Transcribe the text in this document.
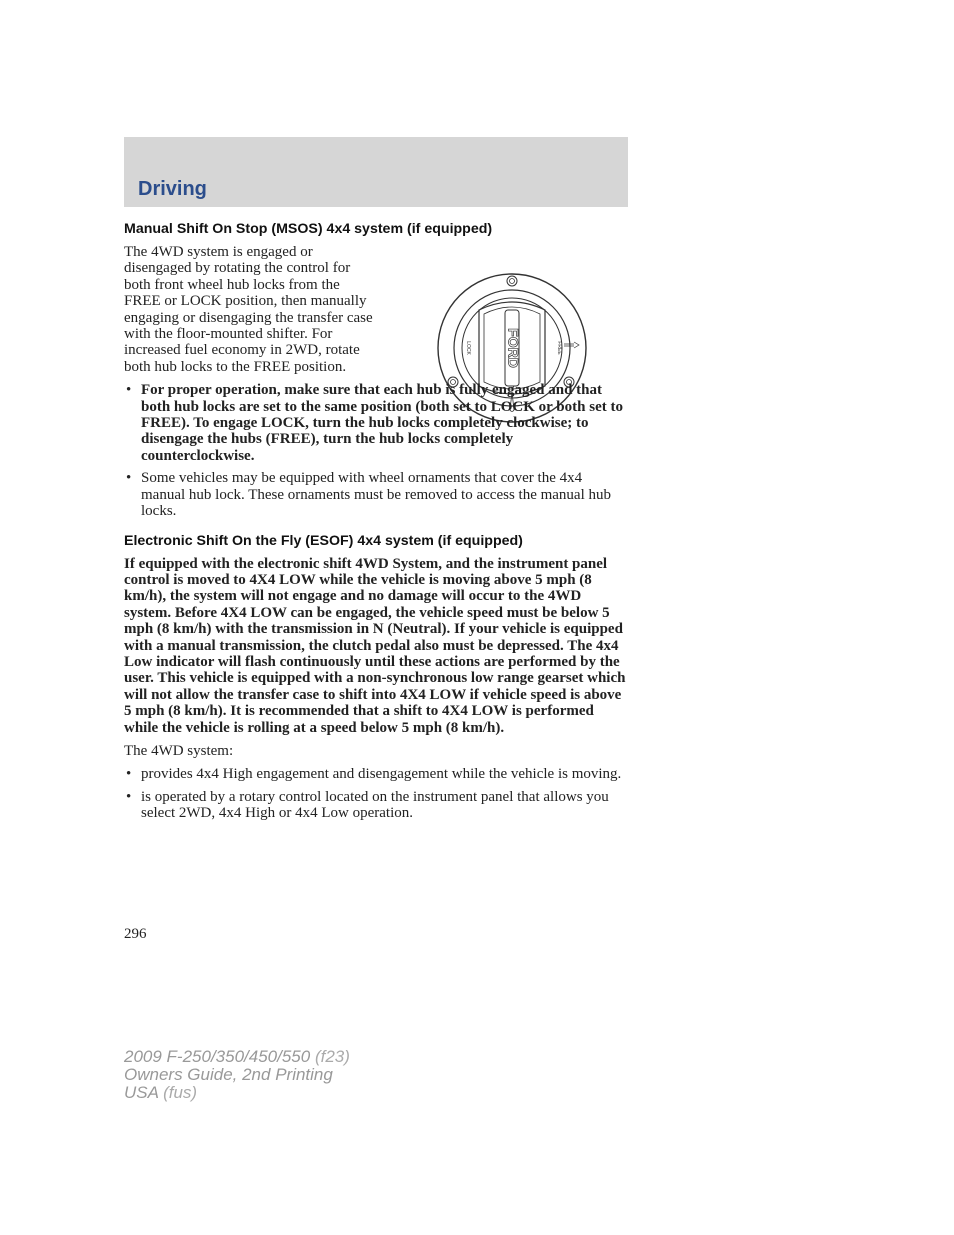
Driving
Manual Shift On Stop (MSOS) 4x4 system (if equipped)

The 4WD system is engaged or disengaged by rotating the control for both front wheel hub locks from the FREE or LOCK position, then manually engaging or disengaging the transfer case with the floor-mounted shifter. For increased fuel economy in 2WD, rotate both hub locks to the FREE position.	FORD
LOCK	FREE
• For proper operation, make sure that each hub is fully engaged and that both hub locks are set to the same position (both set to LOCK or both set to FREE). To engage LOCK, turn the hub locks completely clockwise; to disengage the hubs (FREE), turn the hub locks completely counterclockwise.
• Some vehicles may be equipped with wheel ornaments that cover the 4x4 manual hub lock. These ornaments must be removed to access the manual hub locks.
Electronic Shift On the Fly (ESOF) 4x4 system (if equipped)

If equipped with the electronic shift 4WD System, and the instrument panel control is moved to 4X4 LOW while the vehicle is moving above 5 mph (8 km/h), the system will not engage and no damage will occur to the 4WD system. Before 4X4 LOW can be engaged, the vehicle speed must be below 5 mph (8 km/h) with the transmission in N (Neutral). If your vehicle is equipped with a manual transmission, the clutch pedal also must be depressed. The 4x4 Low indicator will flash continuously until these actions are performed by the user. This vehicle is equipped with a non-synchronous low range gearset which will not allow the transfer case to shift into 4X4 LOW if vehicle speed is above 5 mph (8 km/h). It is recommended that a shift to 4X4 LOW is performed while the vehicle is rolling at a speed below 5 mph (8 km/h).

The 4WD system:

• provides 4x4 High engagement and disengagement while the vehicle is moving.
• is operated by a rotary control located on the instrument panel that allows you select 2WD, 4x4 High or 4x4 Low operation.
296
2009 F-250/350/450/550 (f23)
Owners Guide, 2nd Printing
USA (fus)
